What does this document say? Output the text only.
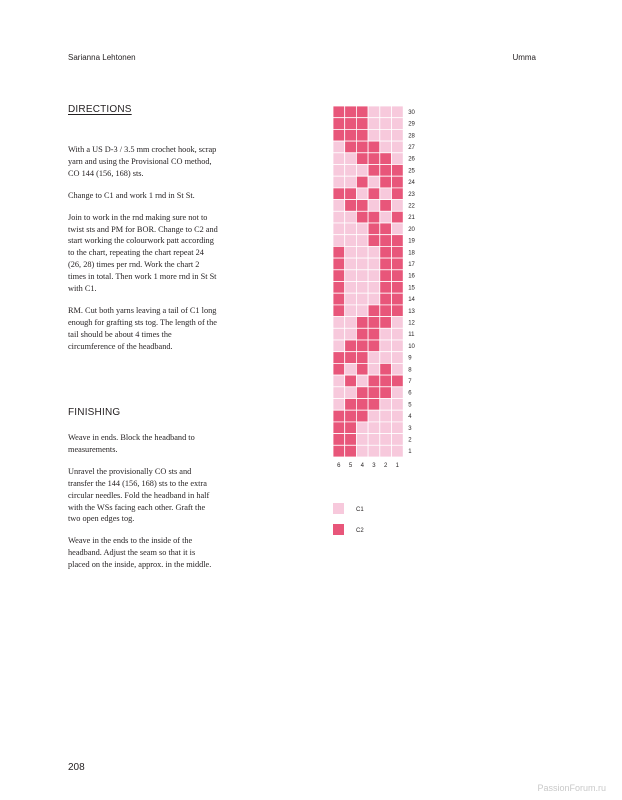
Sarianna Lehtonen	Umma
DIRECTIONS

With a US D-3 / 3.5 mm crochet hook, scrap yarn and using the Provisional CO method, CO 144 (156, 168) sts.

Change to C1 and work 1 rnd in St St.

Join to work in the rnd making sure not to twist sts and PM for BOR. Change to C2 and start working the colourwork patt according to the chart, repeating the chart repeat 24 (26, 28) times per rnd. Work the chart 2 times in total. Then work 1 more rnd in St St with C1.

RM. Cut both yarns leaving a tail of C1 long enough for grafting sts tog. The length of the tail should be about 4 times the circumference of the headband.

FINISHING

Weave in ends. Block the headband to measurements.

Unravel the provisionally CO sts and transfer the 144 (156, 168) sts to the extra circular needles. Fold the headband in half with the WSs facing each other. Graft the two open edges tog.

Weave in the ends to the inside of the headband. Adjust the seam so that it is placed on the inside, approx. in the middle.

30
29
28
27
26
25
24
23
22
21
20
19
18
17
16
15
14
13
12
11
10
9
8
7
6
5
4
3
2
1
6 5 4 3 2 1
C1
C2
208
PassionForum.ru
